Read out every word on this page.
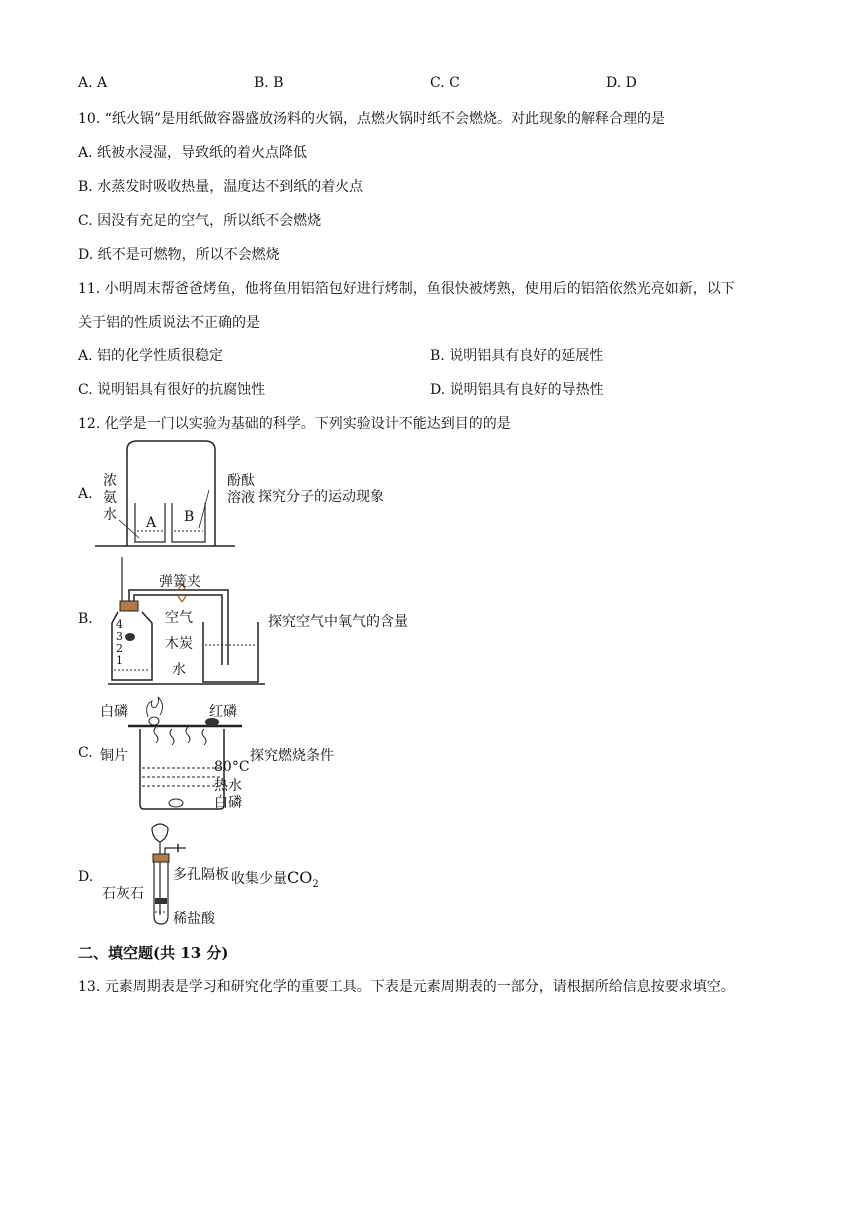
A. A	B. B	C. C	D. D
10. “纸火锅”是用纸做容器盛放汤料的火锅，点燃火锅时纸不会燃烧。对此现象的解释合理的是
A. 纸被水浸湿，导致纸的着火点降低
B. 水蒸发时吸收热量，温度达不到纸的着火点
C. 因没有充足的空气，所以纸不会燃烧
D. 纸不是可燃物，所以不会燃烧
11. 小明周末帮爸爸烤鱼，他将鱼用铝箔包好进行烤制，鱼很快被烤熟，使用后的铝箔依然光亮如新，以下
关于铝的性质说法不正确的是
A. 铝的化学性质很稳定	B. 说明铝具有良好的延展性
C. 说明铝具有很好的抗腐蚀性	D. 说明铝具有良好的导热性
12. 化学是一门以实验为基础的科学。下列实验设计不能达到目的的是
A.
浓
氨
水 A B
酚酞
溶液 探究分子的运动现象
B.
弹簧夹
空气
木炭
水
4
3
2
1
探究空气中氧气的含量
C.
白磷	红磷
铜片
80°C
热水
白磷
探究燃烧条件
D.	多孔隔板
石灰石
稀盐酸
收集少量$CO_2$
二、填空题(共 13 分)
13. 元素周期表是学习和研究化学的重要工具。下表是元素周期表的一部分，请根据所给信息按要求填空。
